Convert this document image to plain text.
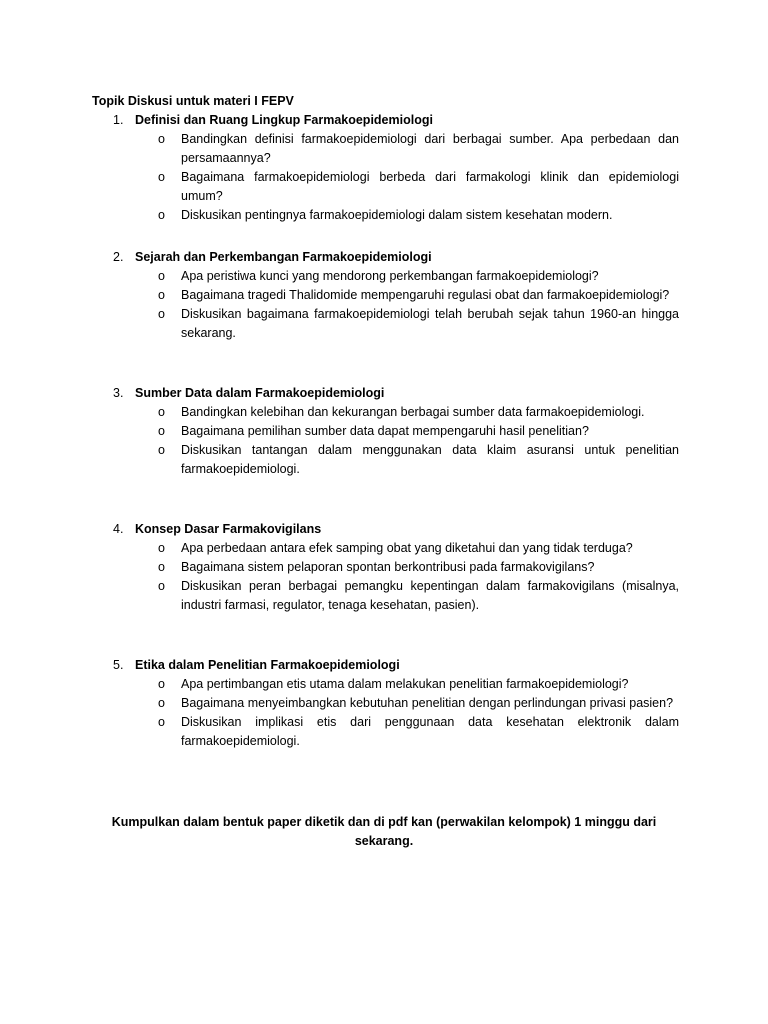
Topik Diskusi untuk materi I FEPV
1. Definisi dan Ruang Lingkup Farmakoepidemiologi
o Bandingkan definisi farmakoepidemiologi dari berbagai sumber. Apa perbedaan dan persamaannya?
o Bagaimana farmakoepidemiologi berbeda dari farmakologi klinik dan epidemiologi umum?
o Diskusikan pentingnya farmakoepidemiologi dalam sistem kesehatan modern.
2. Sejarah dan Perkembangan Farmakoepidemiologi
o Apa peristiwa kunci yang mendorong perkembangan farmakoepidemiologi?
o Bagaimana tragedi Thalidomide mempengaruhi regulasi obat dan farmakoepidemiologi?
o Diskusikan bagaimana farmakoepidemiologi telah berubah sejak tahun 1960-an hingga sekarang.
3. Sumber Data dalam Farmakoepidemiologi
o Bandingkan kelebihan dan kekurangan berbagai sumber data farmakoepidemiologi.
o Bagaimana pemilihan sumber data dapat mempengaruhi hasil penelitian?
o Diskusikan tantangan dalam menggunakan data klaim asuransi untuk penelitian farmakoepidemiologi.
4. Konsep Dasar Farmakovigilans
o Apa perbedaan antara efek samping obat yang diketahui dan yang tidak terduga?
o Bagaimana sistem pelaporan spontan berkontribusi pada farmakovigilans?
o Diskusikan peran berbagai pemangku kepentingan dalam farmakovigilans (misalnya, industri farmasi, regulator, tenaga kesehatan, pasien).
5. Etika dalam Penelitian Farmakoepidemiologi
o Apa pertimbangan etis utama dalam melakukan penelitian farmakoepidemiologi?
o Bagaimana menyeimbangkan kebutuhan penelitian dengan perlindungan privasi pasien?
o Diskusikan implikasi etis dari penggunaan data kesehatan elektronik dalam farmakoepidemiologi.
Kumpulkan dalam bentuk paper diketik dan di pdf kan (perwakilan kelompok) 1 minggu dari sekarang.
